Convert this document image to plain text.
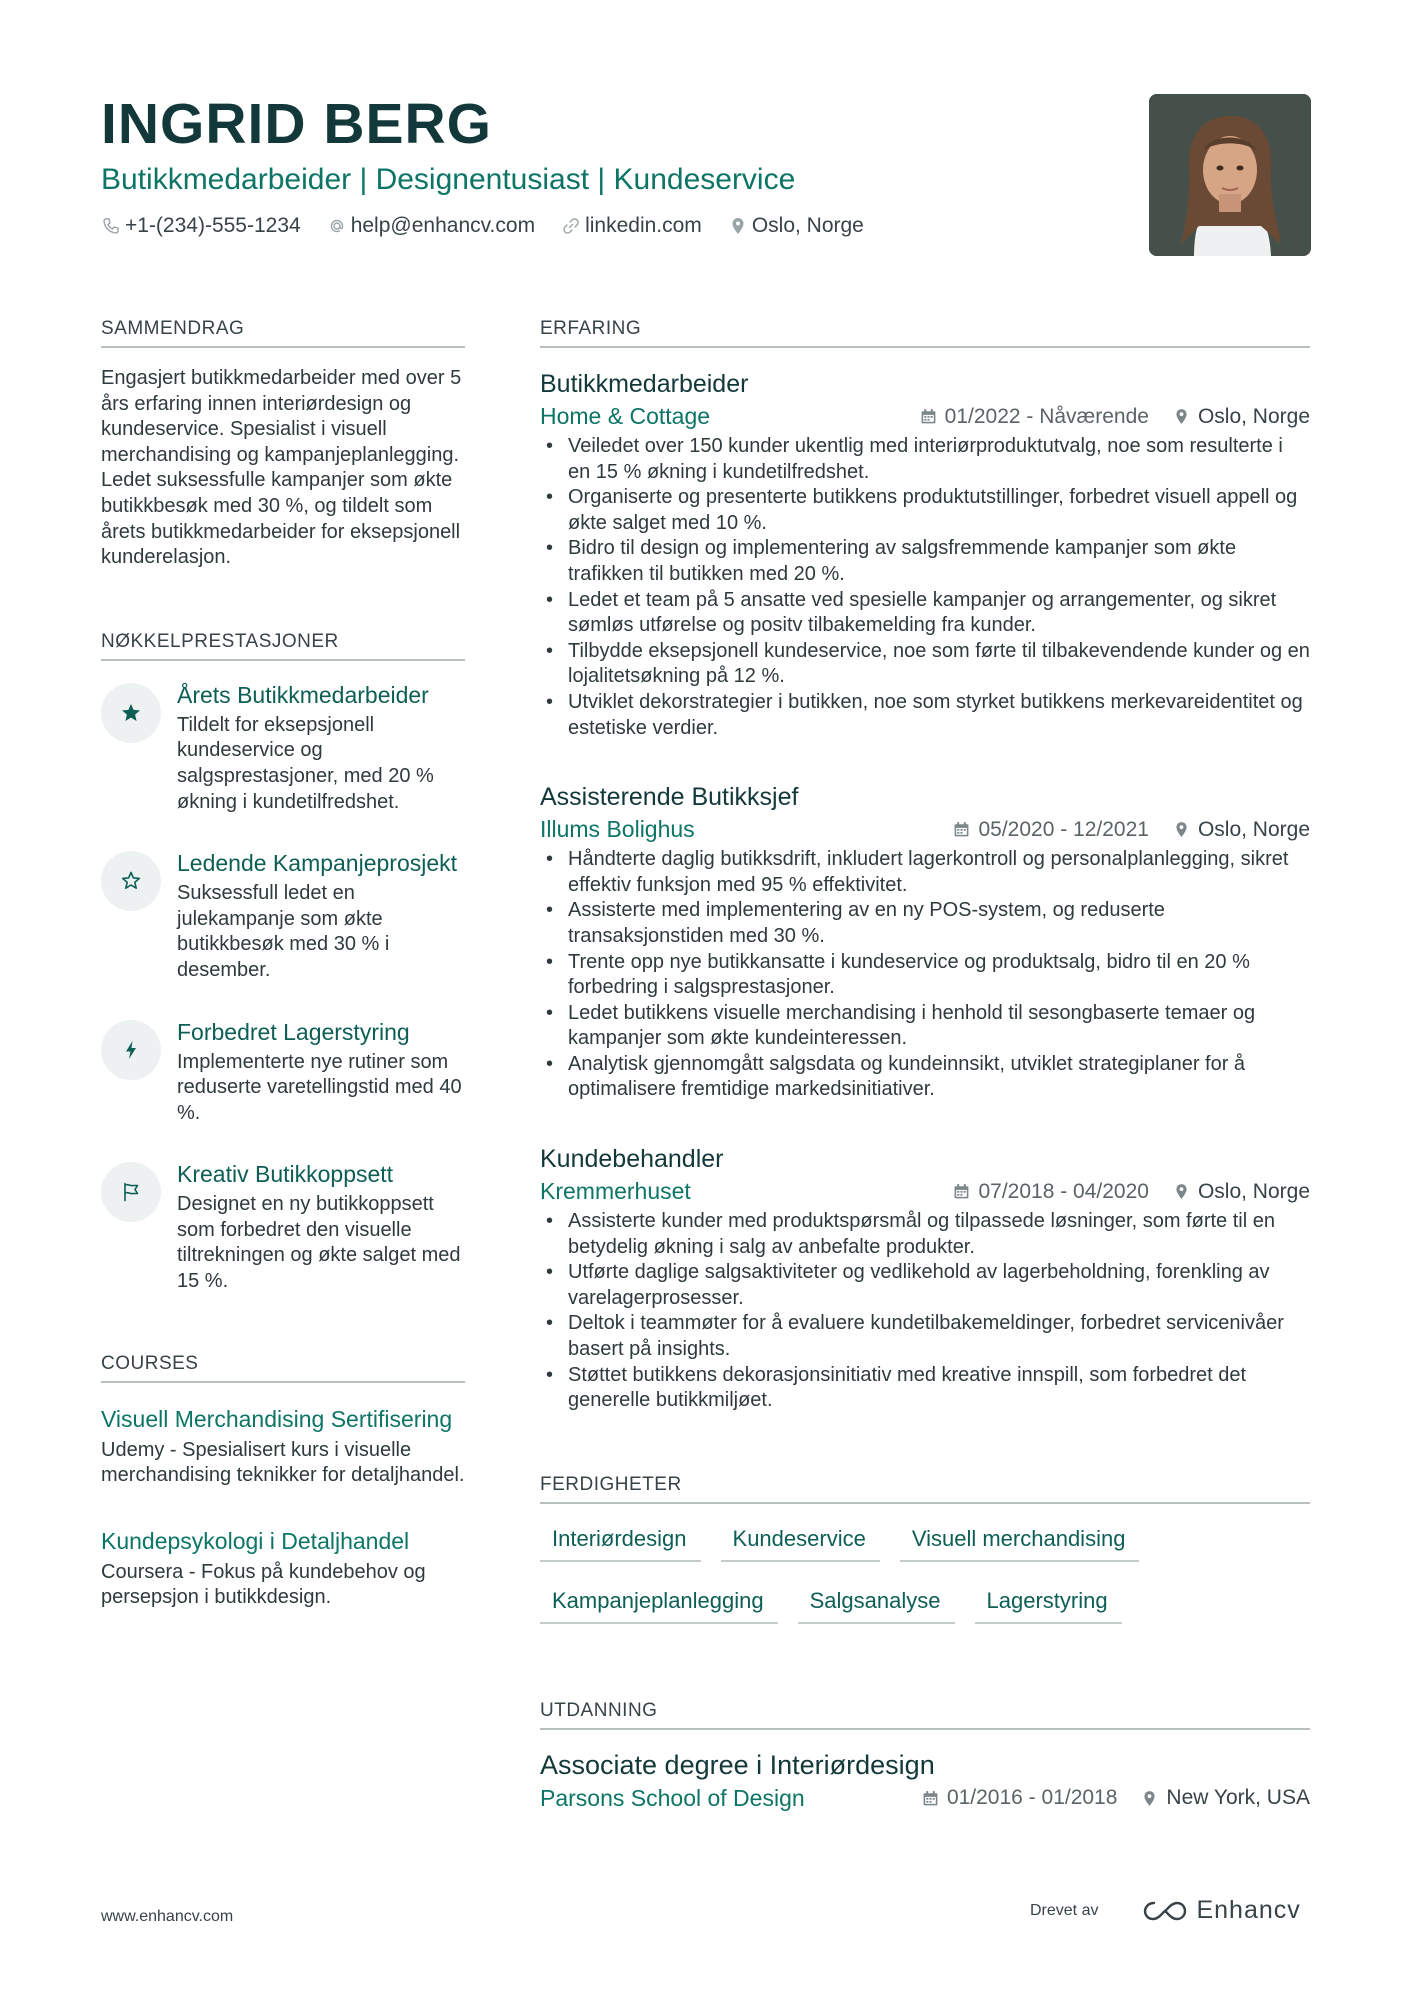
INGRID BERG
Butikkmedarbeider | Designentusiast | Kundeservice
+1-(234)-555-1234 help@enhancv.com linkedin.com Oslo, Norge
SAMMENDRAG
Engasjert butikkmedarbeider med over 5 års erfaring innen interiørdesign og kundeservice. Spesialist i visuell merchandising og kampanjeplanlegging. Ledet suksessfulle kampanjer som økte butikkbesøk med 30 %, og tildelt som årets butikkmedarbeider for eksepsjonell kunderelasjon.
NØKKELPRESTASJONER
Årets Butikkmedarbeider
Tildelt for eksepsjonell kundeservice og salgsprestasjoner, med 20 % økning i kundetilfredshet.
Ledende Kampanjeprosjekt
Suksessfull ledet en julekampanje som økte butikkbesøk med 30 % i desember.
Forbedret Lagerstyring
Implementerte nye rutiner som reduserte varetellingstid med 40 %.
Kreativ Butikkoppsett
Designet en ny butikkoppsett som forbedret den visuelle tiltrekningen og økte salget med 15 %.
COURSES
Visuell Merchandising Sertifisering
Udemy - Spesialisert kurs i visuelle merchandising teknikker for detaljhandel.
Kundepsykologi i Detaljhandel
Coursera - Fokus på kundebehov og persepsjon i butikkdesign.
ERFARING
Butikkmedarbeider
Home & Cottage	01/2022 - Nåværende Oslo, Norge
• Veiledet over 150 kunder ukentlig med interiørproduktutvalg, noe som resulterte i en 15 % økning i kundetilfredshet.
• Organiserte og presenterte butikkens produktutstillinger, forbedret visuell appell og økte salget med 10 %.
• Bidro til design og implementering av salgsfremmende kampanjer som økte trafikken til butikken med 20 %.
• Ledet et team på 5 ansatte ved spesielle kampanjer og arrangementer, og sikret sømløs utførelse og positv tilbakemelding fra kunder.
• Tilbydde eksepsjonell kundeservice, noe som førte til tilbakevendende kunder og en lojalitetsøkning på 12 %.
• Utviklet dekorstrategier i butikken, noe som styrket butikkens merkevareidentitet og estetiske verdier.
Assisterende Butikksjef
Illums Bolighus	05/2020 - 12/2021 Oslo, Norge
• Håndterte daglig butikksdrift, inkludert lagerkontroll og personalplanlegging, sikret effektiv funksjon med 95 % effektivitet.
• Assisterte med implementering av en ny POS-system, og reduserte transaksjonstiden med 30 %.
• Trente opp nye butikkansatte i kundeservice og produktsalg, bidro til en 20 % forbedring i salgsprestasjoner.
• Ledet butikkens visuelle merchandising i henhold til sesongbaserte temaer og kampanjer som økte kundeinteressen.
• Analytisk gjennomgått salgsdata og kundeinnsikt, utviklet strategiplaner for å optimalisere fremtidige markedsinitiativer.
Kundebehandler
Kremmerhuset	07/2018 - 04/2020 Oslo, Norge
• Assisterte kunder med produktspørsmål og tilpassede løsninger, som førte til en betydelig økning i salg av anbefalte produkter.
• Utførte daglige salgsaktiviteter og vedlikehold av lagerbeholdning, forenkling av varelagerprosesser.
• Deltok i teammøter for å evaluere kundetilbakemeldinger, forbedret servicenivåer basert på insights.
• Støttet butikkens dekorasjonsinitiativ med kreative innspill, som forbedret det generelle butikkmiljøet.
FERDIGHETER
Interiørdesign	Kundeservice	Visuell merchandising
Kampanjeplanlegging	Salgsanalyse	Lagerstyring
UTDANNING
Associate degree i Interiørdesign
Parsons School of Design	01/2016 - 01/2018 New York, USA
www.enhancv.com	Drevet av	Enhancv
